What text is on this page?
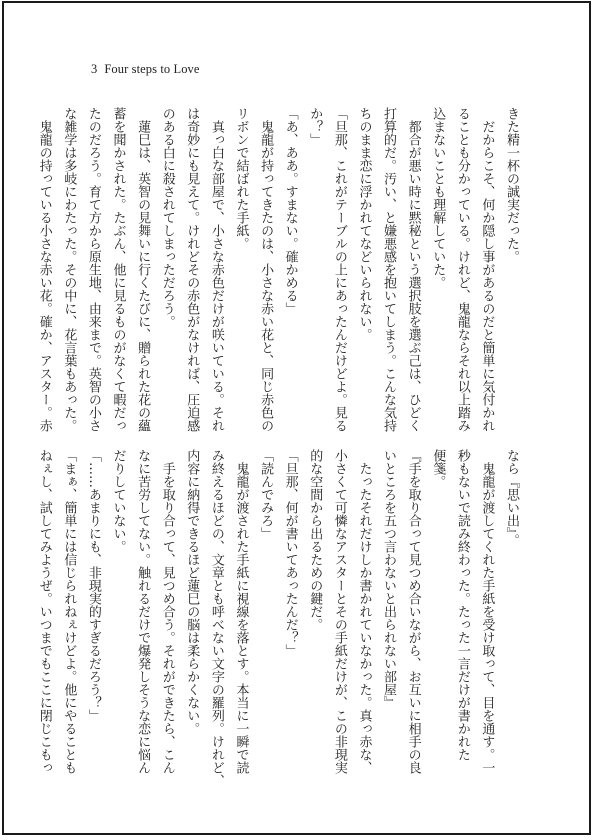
3 Four steps to Love
きた精一杯の誠実だった。
　だからこそ、何か隠し事があるのだと簡単に気付かれ
ることも分かっている。けれど、鬼龍ならそれ以上踏み
込まないことも理解していた。
　都合が悪い時に黙秘という選択肢を選ぶ己は、ひどく
打算的だ。汚い、と嫌悪感を抱いてしまう。こんな気持
ちのまま恋に浮かれてなどいられない。
「旦那、これがテーブルの上にあったんだけどよ。見る
か？」
「あ、ああ。すまない。確かめる」
　鬼龍が持ってきたのは、小さな赤い花と、同じ赤色の
リボンで結ばれた手紙。
　真っ白な部屋で、小さな赤色だけが咲いている。それ
は奇妙にも見えて。けれどその赤色がなければ、圧迫感
のある白に殺されてしまっただろう。
　蓮巳は、英智の見舞いに行くたびに、贈られた花の蘊
蓄を聞かされた。たぶん、他に見るものがなくて暇だっ
たのだろう。育て方から原生地、由来まで。英智の小さ
な雑学は多岐にわたった。その中に、花言葉もあった。
　鬼龍の持っている小さな赤い花。確か、アスター。赤
なら『思い出』。
　鬼龍が渡してくれた手紙を受け取って、目を通す。一
秒もないで読み終わった。たった一言だけが書かれた
便箋。
『手を取り合って見つめ合いながら、お互いに相手の良
いところを五つ言わないと出られない部屋』
　たったそれだけしか書かれていなかった。真っ赤な、
小さくて可憐なアスターとその手紙だけが、この非現実
的な空間から出るための鍵だ。
「旦那、何が書いてあったんだ？」
「読んでみろ」
　鬼龍が渡された手紙に視線を落とす。本当に一瞬で読
み終えるほどの、文章とも呼べない文字の羅列。けれど、
内容に納得できるほど蓮巳の脳は柔らかくない。
　手を取り合って、見つめ合う。それができたら、こん
なに苦労してない。触れるだけで爆発しそうな恋に悩ん
だりしていない。
「……あまりにも、非現実的すぎるだろう？」
「まぁ、簡単には信じられねぇけどよ。他にやることも
ねぇし、試してみようぜ。いつまでもここに閉じこもっ
